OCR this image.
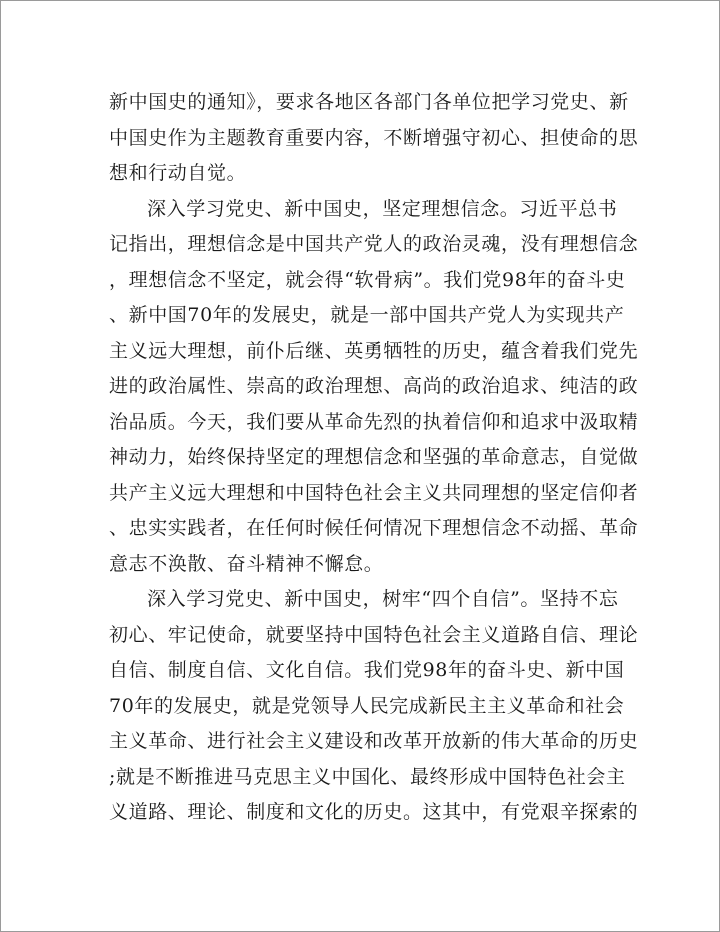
新中国史的通知》，要求各地区各部门各单位把学习党史、新
中国史作为主题教育重要内容，不断增强守初心、担使命的思
想和行动自觉。
深入学习党史、新中国史，坚定理想信念。习近平总书
记指出，理想信念是中国共产党人的政治灵魂，没有理想信念
，理想信念不坚定，就会得“软骨病”。我们党98年的奋斗史
、新中国70年的发展史，就是一部中国共产党人为实现共产
主义远大理想，前仆后继、英勇牺牲的历史，蕴含着我们党先
进的政治属性、崇高的政治理想、高尚的政治追求、纯洁的政
治品质。今天，我们要从革命先烈的执着信仰和追求中汲取精
神动力，始终保持坚定的理想信念和坚强的革命意志，自觉做
共产主义远大理想和中国特色社会主义共同理想的坚定信仰者
、忠实实践者，在任何时候任何情况下理想信念不动摇、革命
意志不涣散、奋斗精神不懈怠。
深入学习党史、新中国史，树牢“四个自信”。坚持不忘
初心、牢记使命，就要坚持中国特色社会主义道路自信、理论
自信、制度自信、文化自信。我们党98年的奋斗史、新中国
70年的发展史，就是党领导人民完成新民主主义革命和社会
主义革命、进行社会主义建设和改革开放新的伟大革命的历史
;就是不断推进马克思主义中国化、最终形成中国特色社会主
义道路、理论、制度和文化的历史。这其中，有党艰辛探索的
